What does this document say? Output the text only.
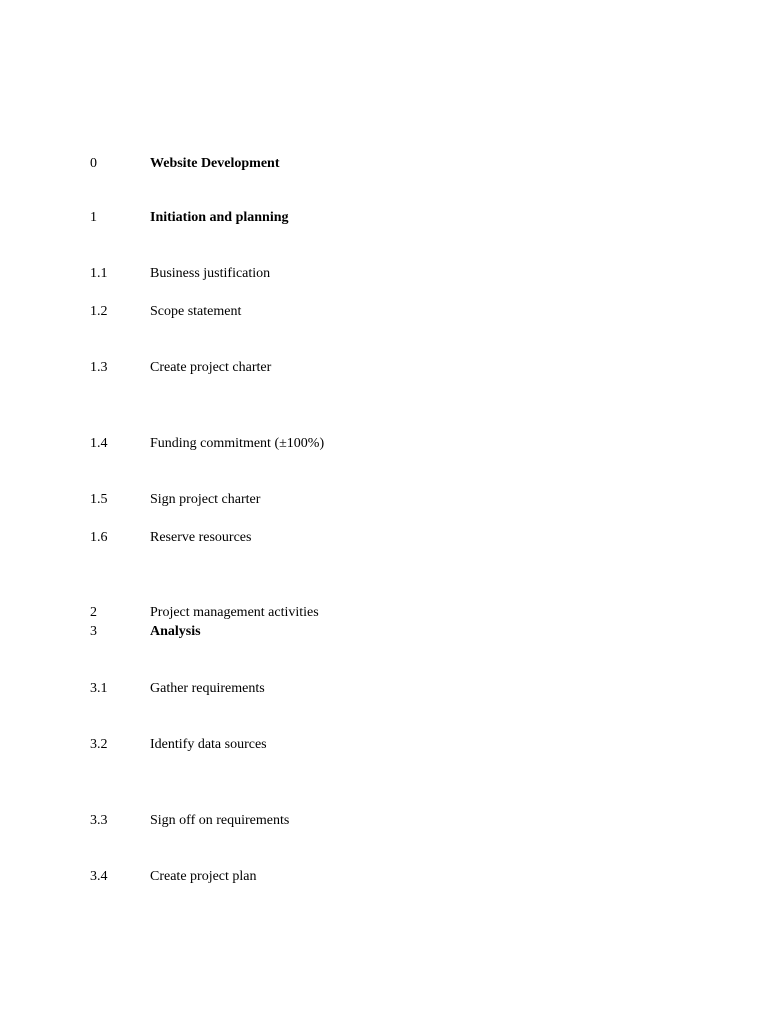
0	Website Development
1	Initiation and planning
1.1	Business justification
1.2	Scope statement
1.3	Create project charter
1.4	Funding commitment (±100%)
1.5	Sign project charter
1.6	Reserve resources
2	Project management activities
3	Analysis
3.1	Gather requirements
3.2	Identify data sources
3.3	Sign off on requirements
3.4	Create project plan
